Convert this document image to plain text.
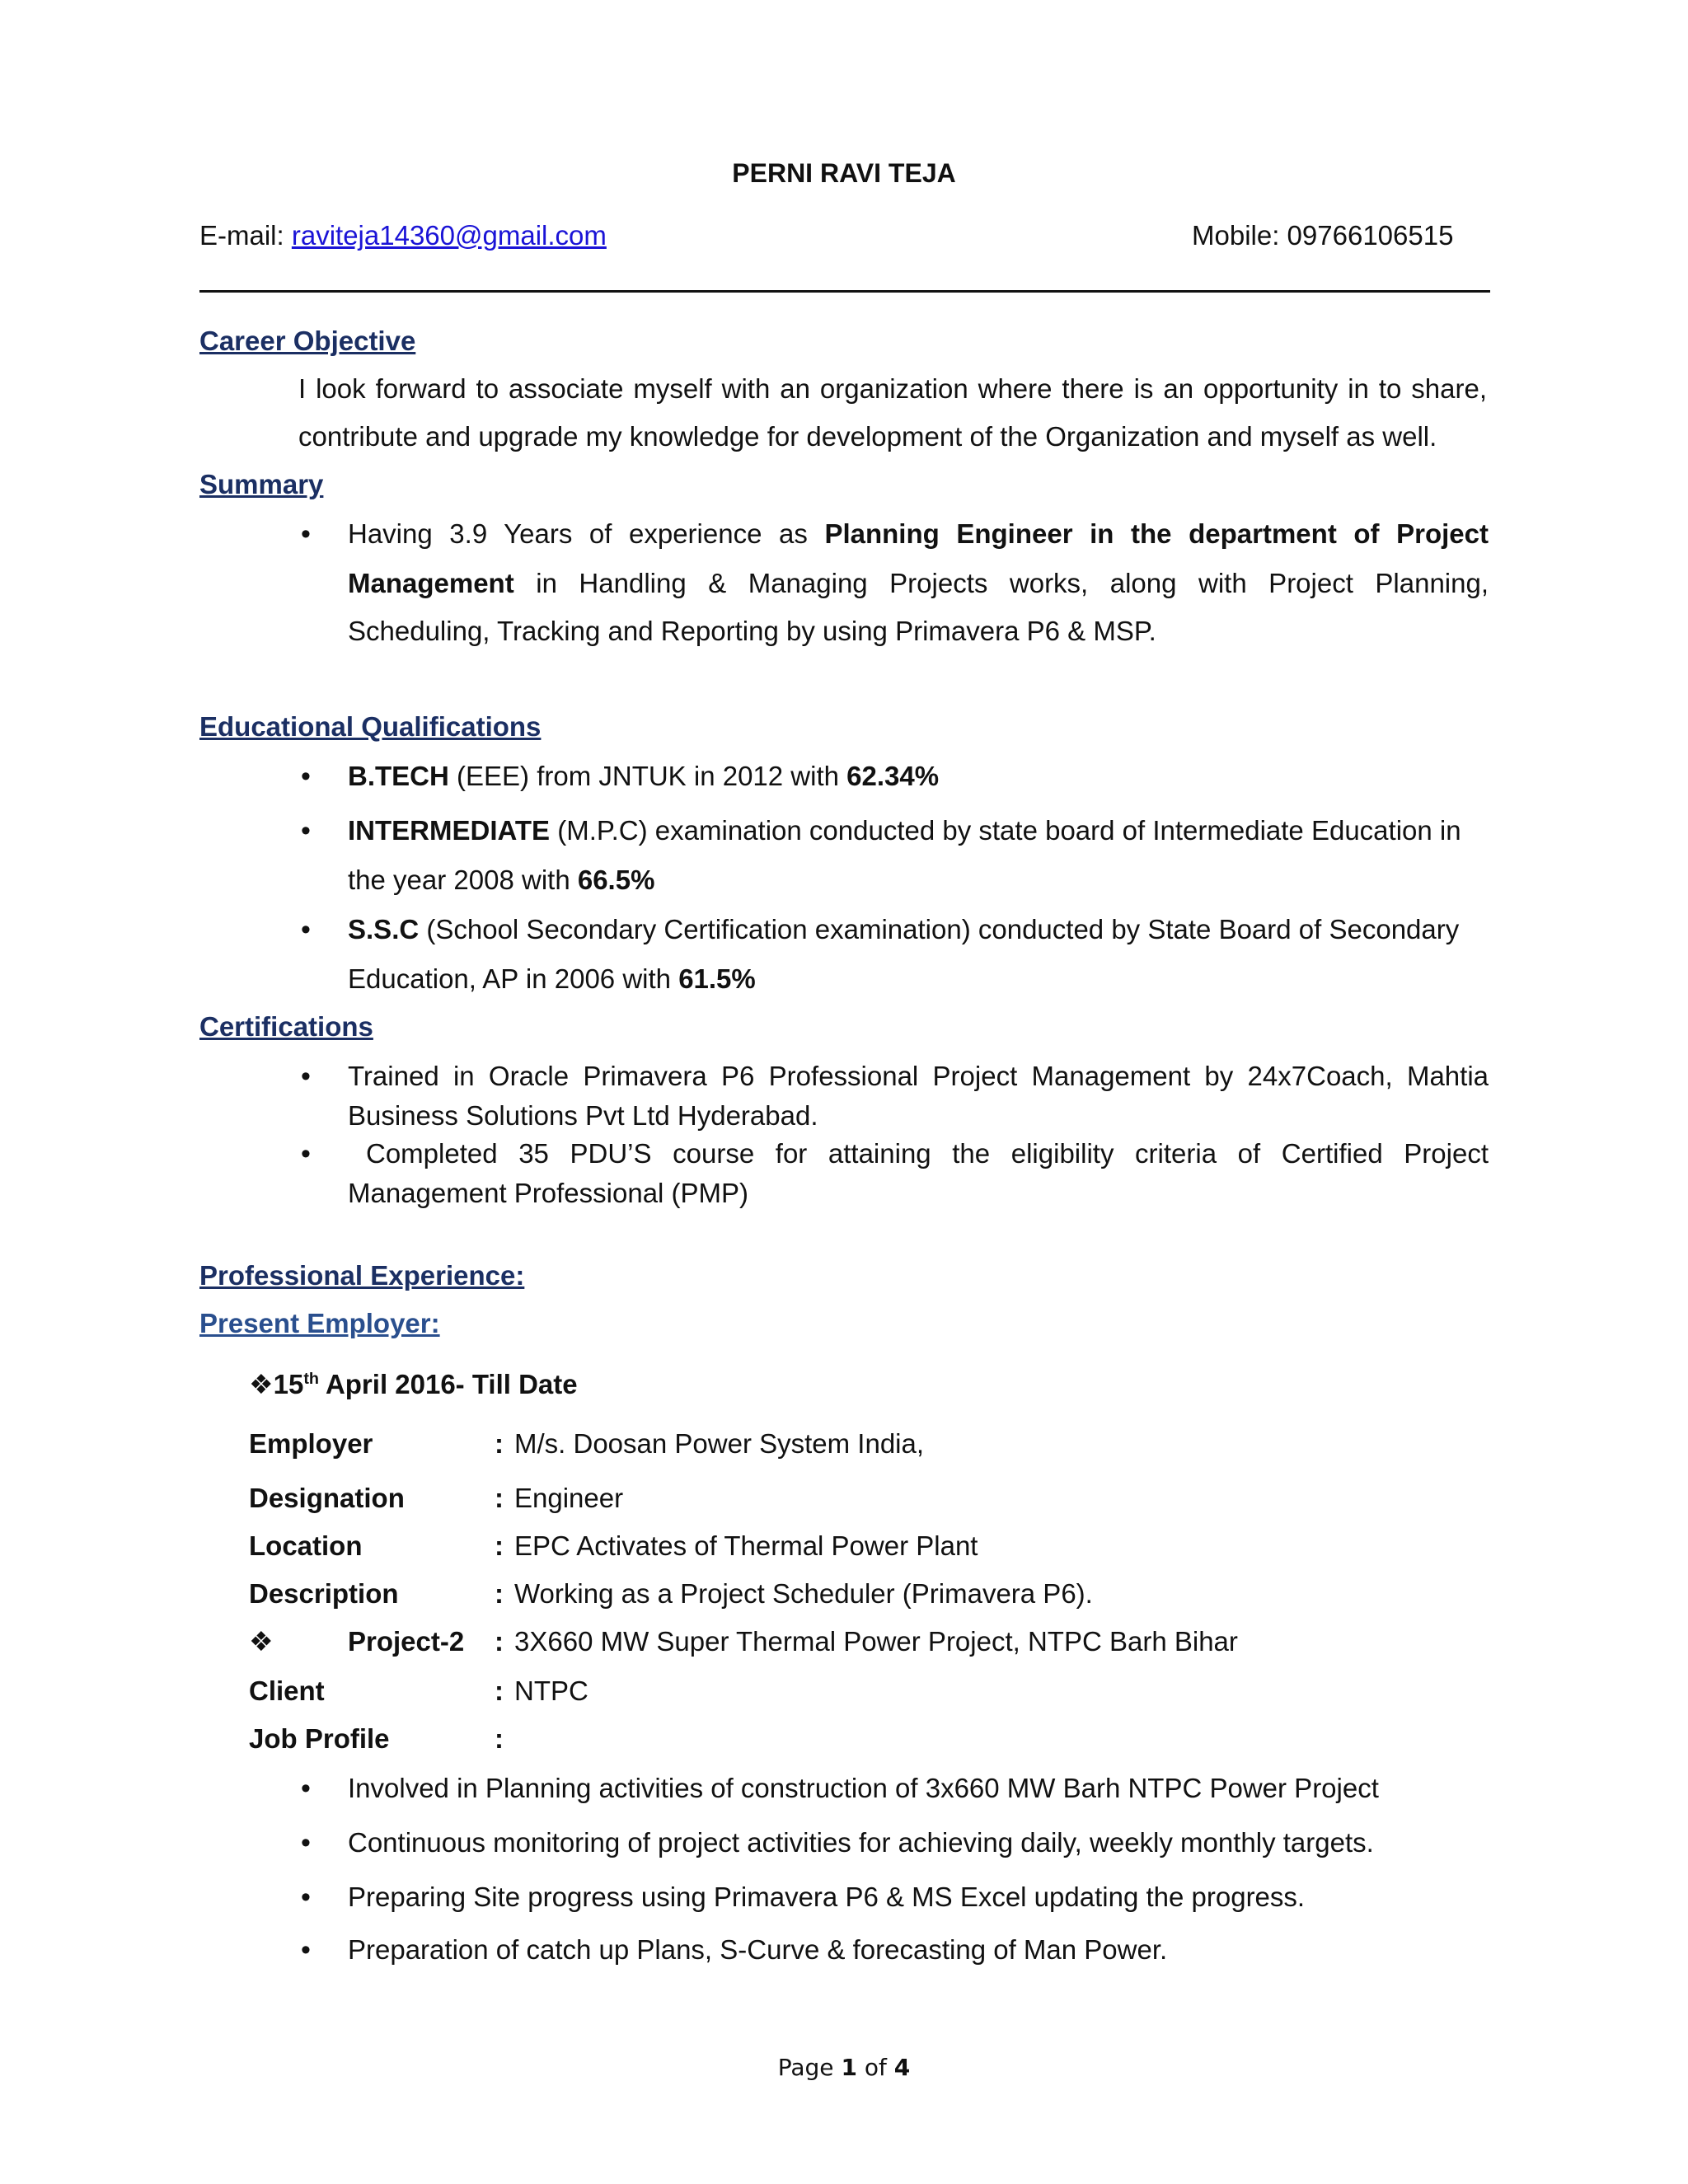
PERNI RAVI TEJA
E-mail: raviteja14360@gmail.com	Mobile: 09766106515
Career Objective
I look forward to associate myself with an organization where there is an opportunity in to share,
contribute and upgrade my knowledge for development of the Organization and myself as well.
Summary
• Having 3.9 Years of experience as Planning Engineer in the department of Project
Management in Handling & Managing Projects works, along with Project Planning,
Scheduling, Tracking and Reporting by using Primavera P6 & MSP.
Educational Qualifications
• B.TECH (EEE) from JNTUK in 2012 with 62.34%
• INTERMEDIATE (M.P.C) examination conducted by state board of Intermediate Education in
the year 2008 with 66.5%
• S.S.C (School Secondary Certification examination) conducted by State Board of Secondary
Education, AP in 2006 with 61.5%
Certifications
• Trained in Oracle Primavera P6 Professional Project Management by 24x7Coach, Mahtia
Business Solutions Pvt Ltd Hyderabad.
• Completed 35 PDU’S course for attaining the eligibility criteria of Certified Project
Management Professional (PMP)
Professional Experience:
Present Employer:
❖15th April 2016- Till Date
Employer	: M/s. Doosan Power System India,
Designation	: Engineer
Location	: EPC Activates of Thermal Power Plant
Description	: Working as a Project Scheduler (Primavera P6).
❖	Project-2 : 3X660 MW Super Thermal Power Project, NTPC Barh Bihar
Client	: NTPC
Job Profile	:
• Involved in Planning activities of construction of 3x660 MW Barh NTPC Power Project
• Continuous monitoring of project activities for achieving daily, weekly monthly targets.
• Preparing Site progress using Primavera P6 & MS Excel updating the progress.
• Preparation of catch up Plans, S-Curve & forecasting of Man Power.
Page 1 of 4
